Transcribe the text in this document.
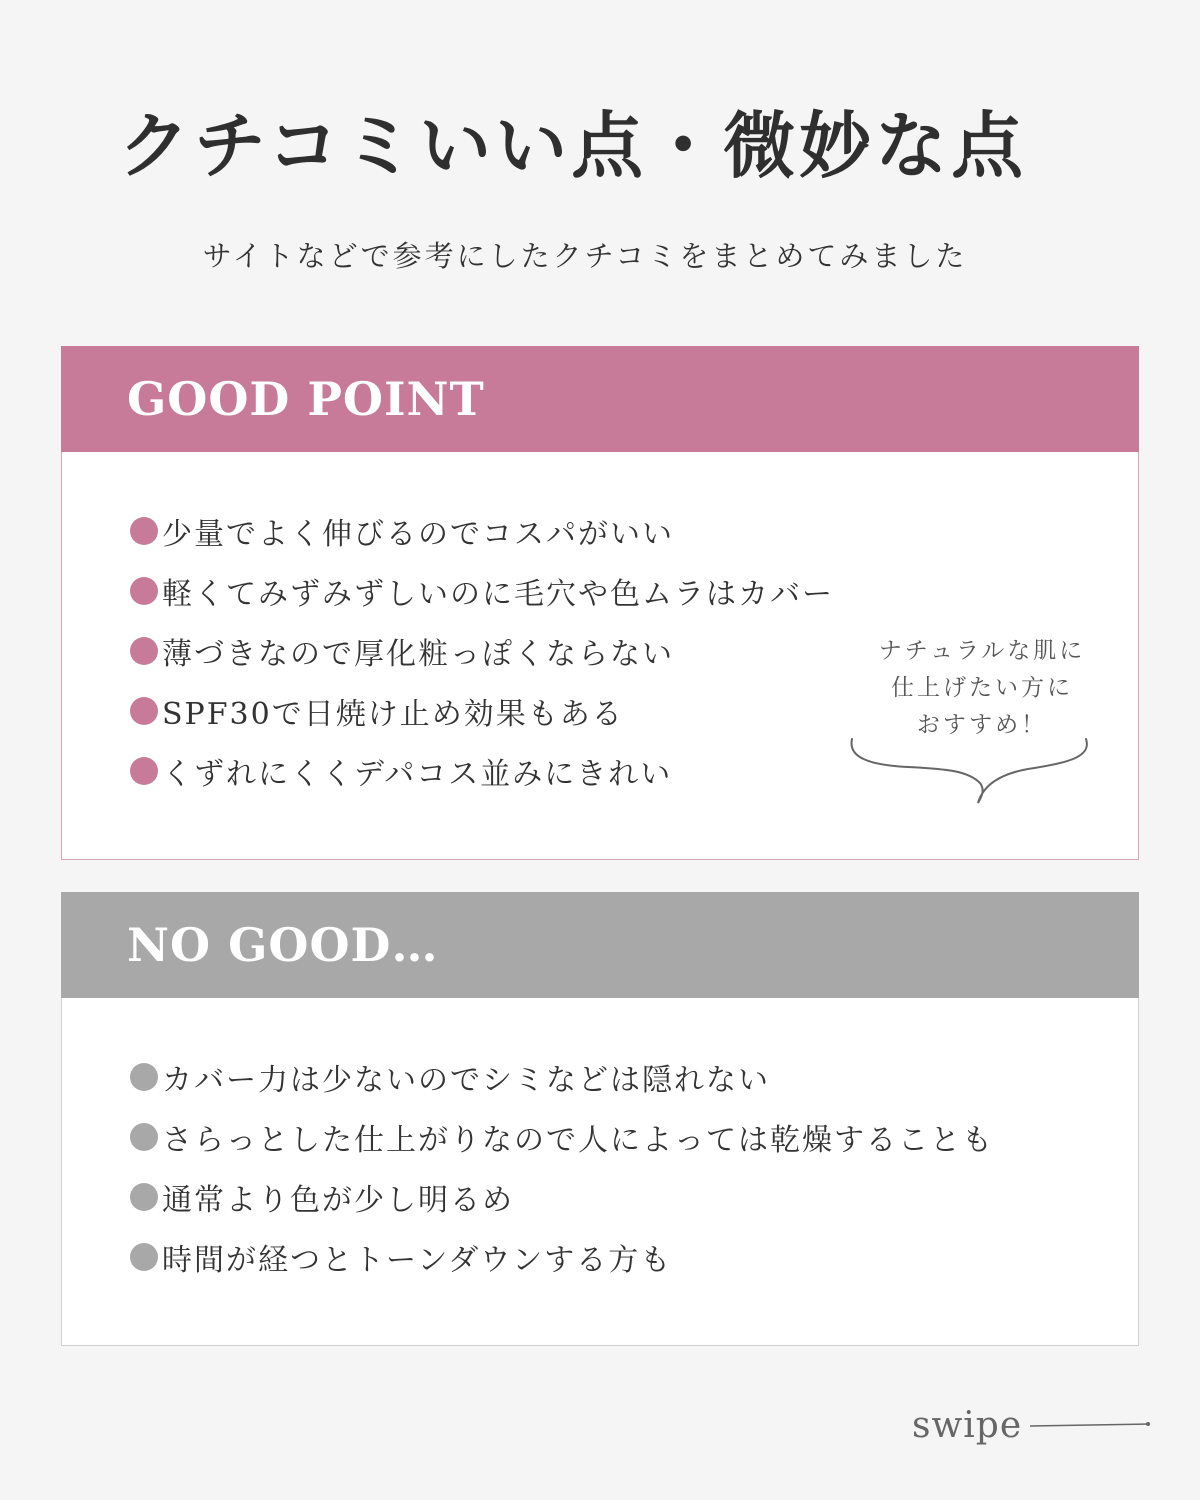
クチコミいい点・微妙な点
サイトなどで参考にしたクチコミをまとめてみました
GOOD POINT
少量でよく伸びるのでコスパがいい
軽くてみずみずしいのに毛穴や色ムラはカバー
薄づきなので厚化粧っぽくならない
SPF30で日焼け止め効果もある
くずれにくくデパコス並みにきれい
ナチュラルな肌に
仕上げたい方に
おすすめ！
NO GOOD…
カバー力は少ないのでシミなどは隠れない
さらっとした仕上がりなので人によっては乾燥することも
通常より色が少し明るめ
時間が経つとトーンダウンする方も
swipe
